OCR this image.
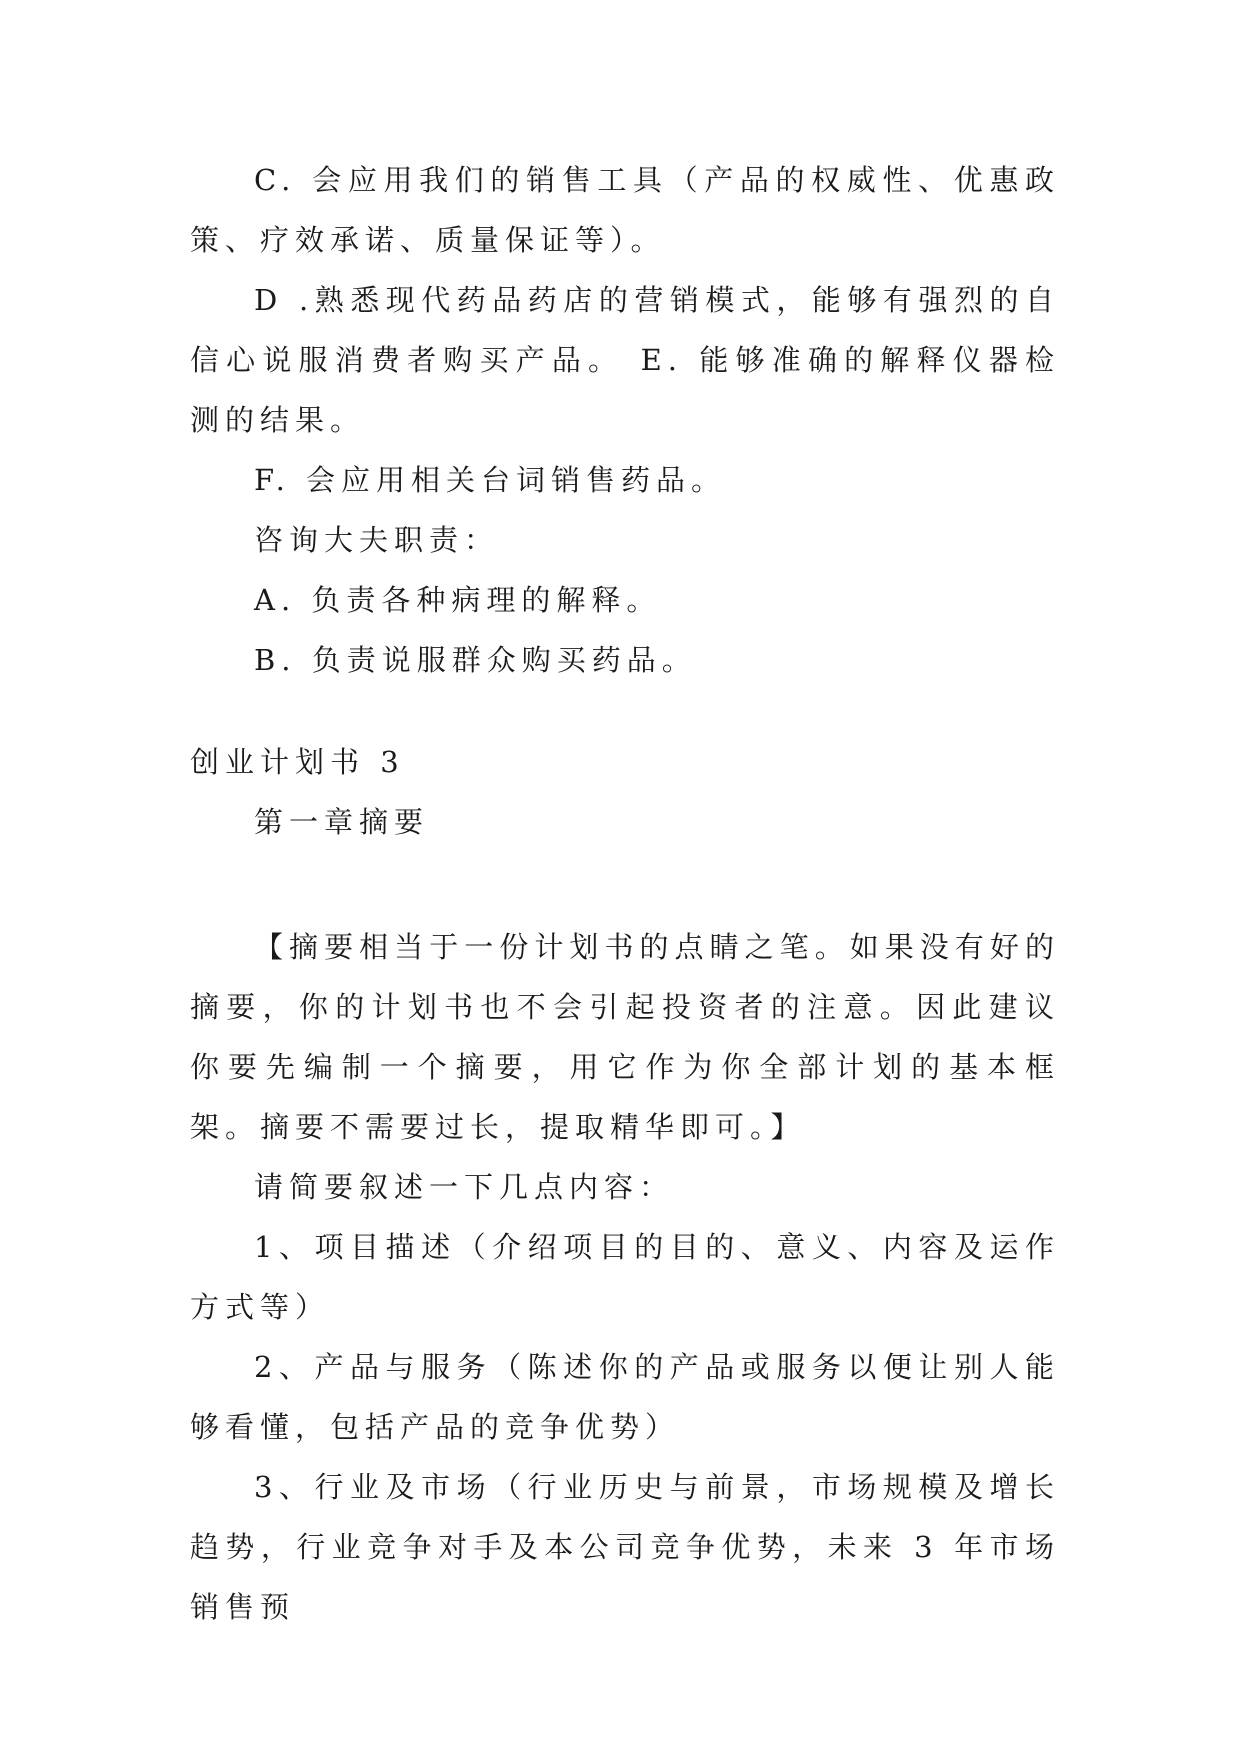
C. 会应用我们的销售工具（产品的权威性、优惠政策、疗效承诺、质量保证等）。

D .熟悉现代药品药店的营销模式，能够有强烈的自信心说服消费者购买产品。 E. 能够准确的解释仪器检测的结果。

F. 会应用相关台词销售药品。

咨询大夫职责：

A. 负责各种病理的解释。

B. 负责说服群众购买药品。

创业计划书 3

第一章摘要

【摘要相当于一份计划书的点睛之笔。如果没有好的摘要，你的计划书也不会引起投资者的注意。因此建议你要先编制一个摘要，用它作为你全部计划的基本框架。摘要不需要过长，提取精华即可。】

请简要叙述一下几点内容：

1、项目描述（介绍项目的目的、意义、内容及运作方式等）

2、产品与服务（陈述你的产品或服务以便让别人能够看懂，包括产品的竞争优势）

3、行业及市场（行业历史与前景，市场规模及增长趋势，行业竞争对手及本公司竞争优势，未来 3 年市场销售预
